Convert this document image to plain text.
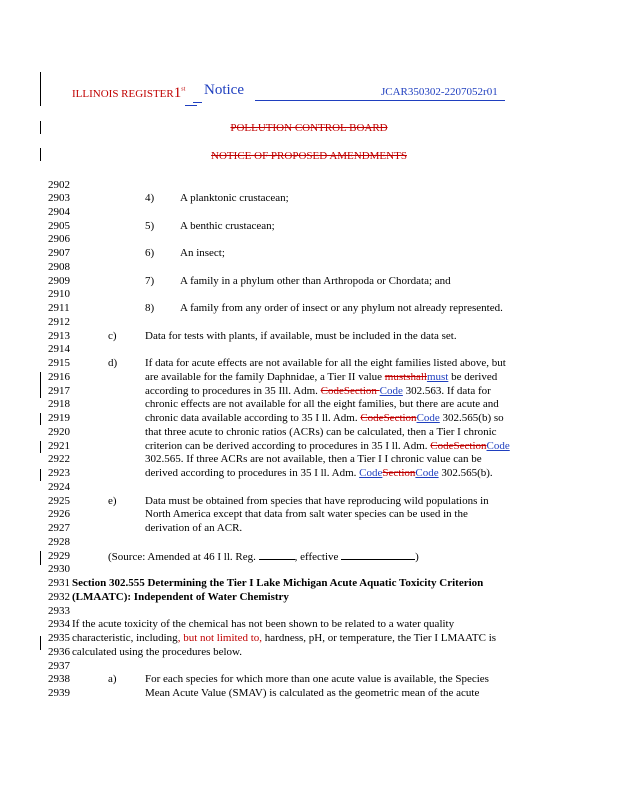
ILLINOIS REGISTER1st Notice	JCAR350302-2207052r01
POLLUTION CONTROL BOARD
NOTICE OF PROPOSED AMENDMENTS
2902
2903
2904
2905
2906
2907
2908
2909
2910
2911
2912
2913
2914
2915
2916
2917
2918
2919
2920
2921
2922
2923
2924
2925
2926
2927
2928
2929
2930
2931
2932
2933
2934
2935
2936
2937
2938
2939
4) A planktonic crustacean;
5) A benthic crustacean;
6) An insect;
7) A family in a phylum other than Arthropoda or Chordata; and
8) A family from any order of insect or any phylum not already represented.
c)	Data for tests with plants, if available, must be included in the data set.
d)	If data for acute effects are not available for all the eight families listed above, but
are available for the family Daphnidae, a Tier II value mustshallmust be derived
according to procedures in 35 Ill. Adm. CodeSection Code 302.563. If data for
chronic effects are not available for all the eight families, but there are acute and
chronic data available according to 35 I ll. Adm. CodeSectionCode 302.565(b) so
that three acute to chronic ratios (ACRs) can be calculated, then a Tier I chronic
criterion can be derived according to procedures in 35 I ll. Adm. CodeSectionCode
302.565. If three ACRs are not available, then a Tier I I chronic value can be
derived according to procedures in 35 I ll. Adm. CodeSectionCode 302.565(b).
e)	Data must be obtained from species that have reproducing wild populations in
North America except that data from salt water species can be used in the
derivation of an ACR.
(Source: Amended at 46 I ll. Reg.	, effective	)
Section 302.555 Determining the Tier I Lake Michigan Acute Aquatic Toxicity Criterion
(LMAATC): Independent of Water Chemistry
If the acute toxicity of the chemical has not been shown to be related to a water quality
characteristic, including, but not limited to, hardness, pH, or temperature, the Tier I LMAATC is
calculated using the procedures below.
a)	For each species for which more than one acute value is available, the Species
Mean Acute Value (SMAV) is calculated as the geometric mean of the acute
